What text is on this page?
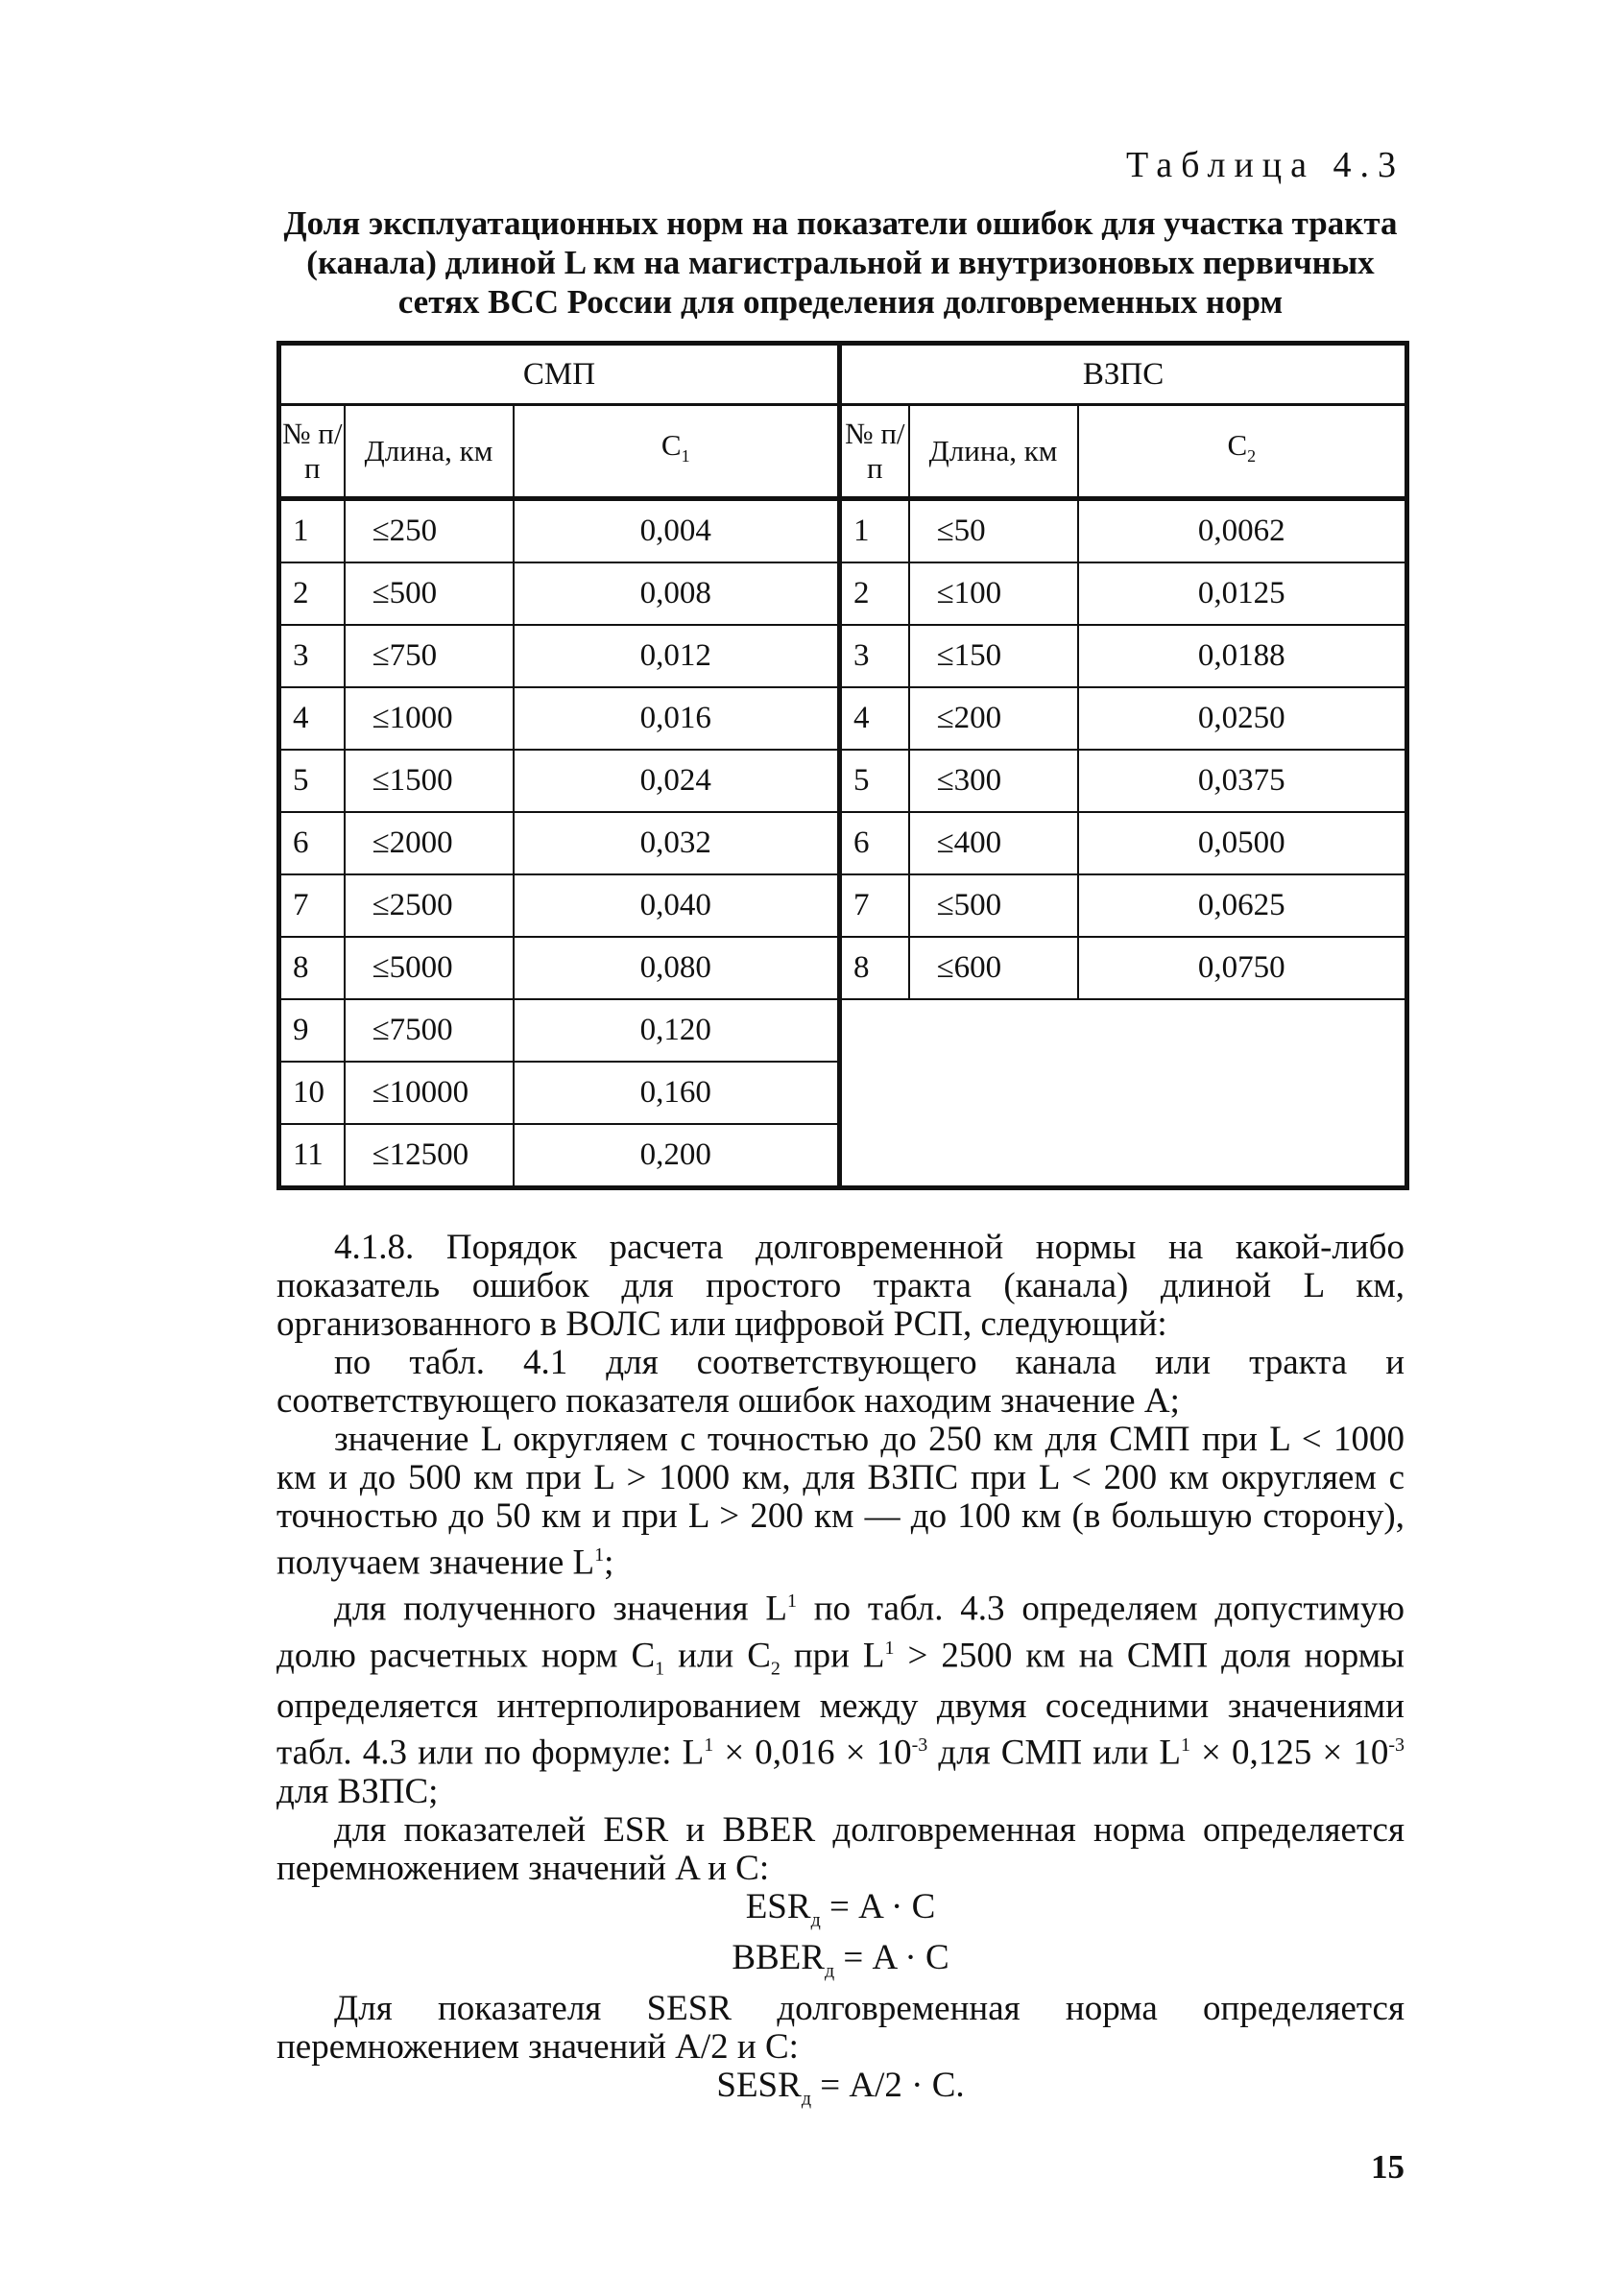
Таблица 4.3
Доля эксплуатационных норм на показатели ошибок для участка тракта (канала) длиной L км на магистральной и внутризоновых первичных сетях ВСС России для определения долговременных норм
СМП			ВЗПС		
№ п/п	Длина, км	$C_1$	№ п/п	Длина, км	$C_2$
1	≤250	0,004	1	≤50	0,0062
2	≤500	0,008	2	≤100	0,0125
3	≤750	0,012	3	≤150	0,0188
4	≤1000	0,016	4	≤200	0,0250
5	≤1500	0,024	5	≤300	0,0375
6	≤2000	0,032	6	≤400	0,0500
7	≤2500	0,040	7	≤500	0,0625
8	≤5000	0,080	8	≤600	0,0750
9	≤7500	0,120			
10	≤10000	0,160			
11	≤12500	0,200			

4.1.8. Порядок расчета долговременной нормы на какой-либо показатель ошибок для простого тракта (канала) длиной L км, организованного в ВОЛС или цифровой РСП, следующий:

по табл. 4.1 для соответствующего канала или тракта и соответствующего показателя ошибок находим значение A;

значение L округляем с точностью до 250 км для СМП при L < 1000 км и до 500 км при L > 1000 км, для ВЗПС при L < 200 км округляем с точностью до 50 км и при L > 200 км — до 100 км (в большую сторону), получаем значение $L^1$;

для полученного значения $L^1$ по табл. 4.3 определяем допустимую долю расчетных норм $C_1$ или $C_2$ при $L^1 > 2500$ км на СМП доля нормы определяется интерполированием между двумя соседними значениями табл. 4.3 или по формуле: $L^1 \times 0,016 \times 10^{-3}$ для СМП или $L^1 \times 0,125 \times 10^{-3}$ для ВЗПС;

для показателей ESR и BBER долговременная норма определяется перемножением значений A и C:

$ESR_д = A \cdot C$

$BBER_д = A \cdot C$

Для показателя SESR долговременная норма определяется перемножением значений A/2 и C:

$SESR_д = A/2 \cdot C$.

15
